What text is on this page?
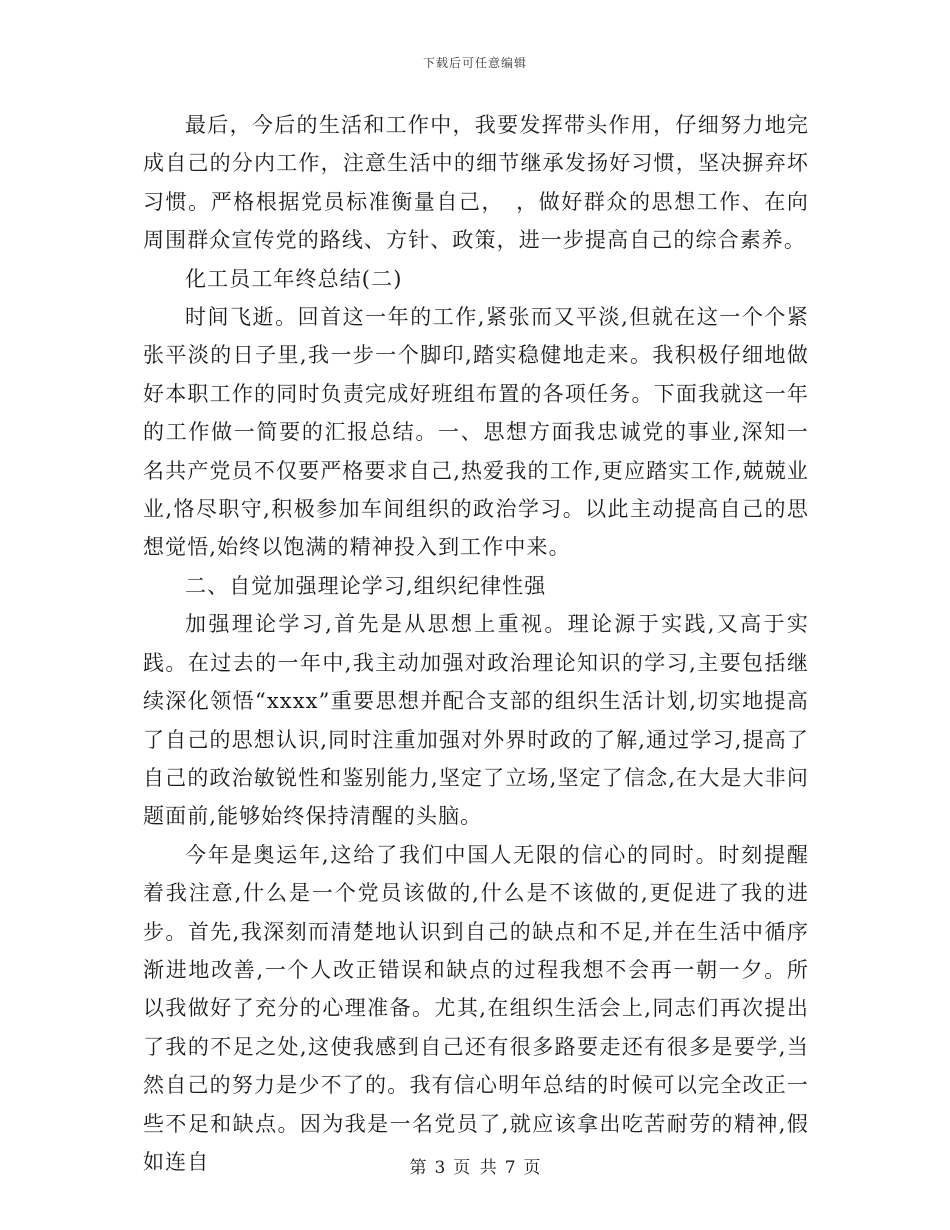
下载后可任意编辑

最后，今后的生活和工作中，我要发挥带头作用，仔细努力地完成自己的分内工作，注意生活中的细节继承发扬好习惯，坚决摒弃坏习惯。严格根据党员标准衡量自己，　，做好群众的思想工作、在向周围群众宣传党的路线、方针、政策，进一步提高自己的综合素养。

化工员工年终总结(二)

时间飞逝。回首这一年的工作,紧张而又平淡,但就在这一个个紧张平淡的日子里,我一步一个脚印,踏实稳健地走来。我积极仔细地做好本职工作的同时负责完成好班组布置的各项任务。下面我就这一年的工作做一简要的汇报总结。一、思想方面我忠诚党的事业,深知一名共产党员不仅要严格要求自己,热爱我的工作,更应踏实工作,兢兢业业,恪尽职守,积极参加车间组织的政治学习。以此主动提高自己的思想觉悟,始终以饱满的精神投入到工作中来。

二、自觉加强理论学习,组织纪律性强

加强理论学习,首先是从思想上重视。理论源于实践,又高于实践。在过去的一年中,我主动加强对政治理论知识的学习,主要包括继续深化领悟“xxxx”重要思想并配合支部的组织生活计划,切实地提高了自己的思想认识,同时注重加强对外界时政的了解,通过学习,提高了自己的政治敏锐性和鉴别能力,坚定了立场,坚定了信念,在大是大非问题面前,能够始终保持清醒的头脑。

今年是奥运年,这给了我们中国人无限的信心的同时。时刻提醒着我注意,什么是一个党员该做的,什么是不该做的,更促进了我的进步。首先,我深刻而清楚地认识到自己的缺点和不足,并在生活中循序渐进地改善,一个人改正错误和缺点的过程我想不会再一朝一夕。所以我做好了充分的心理准备。尤其,在组织生活会上,同志们再次提出了我的不足之处,这使我感到自己还有很多路要走还有很多是要学,当然自己的努力是少不了的。我有信心明年总结的时候可以完全改正一些不足和缺点。因为我是一名党员了,就应该拿出吃苦耐劳的精神,假如连自	第 3 页 共 7 页
